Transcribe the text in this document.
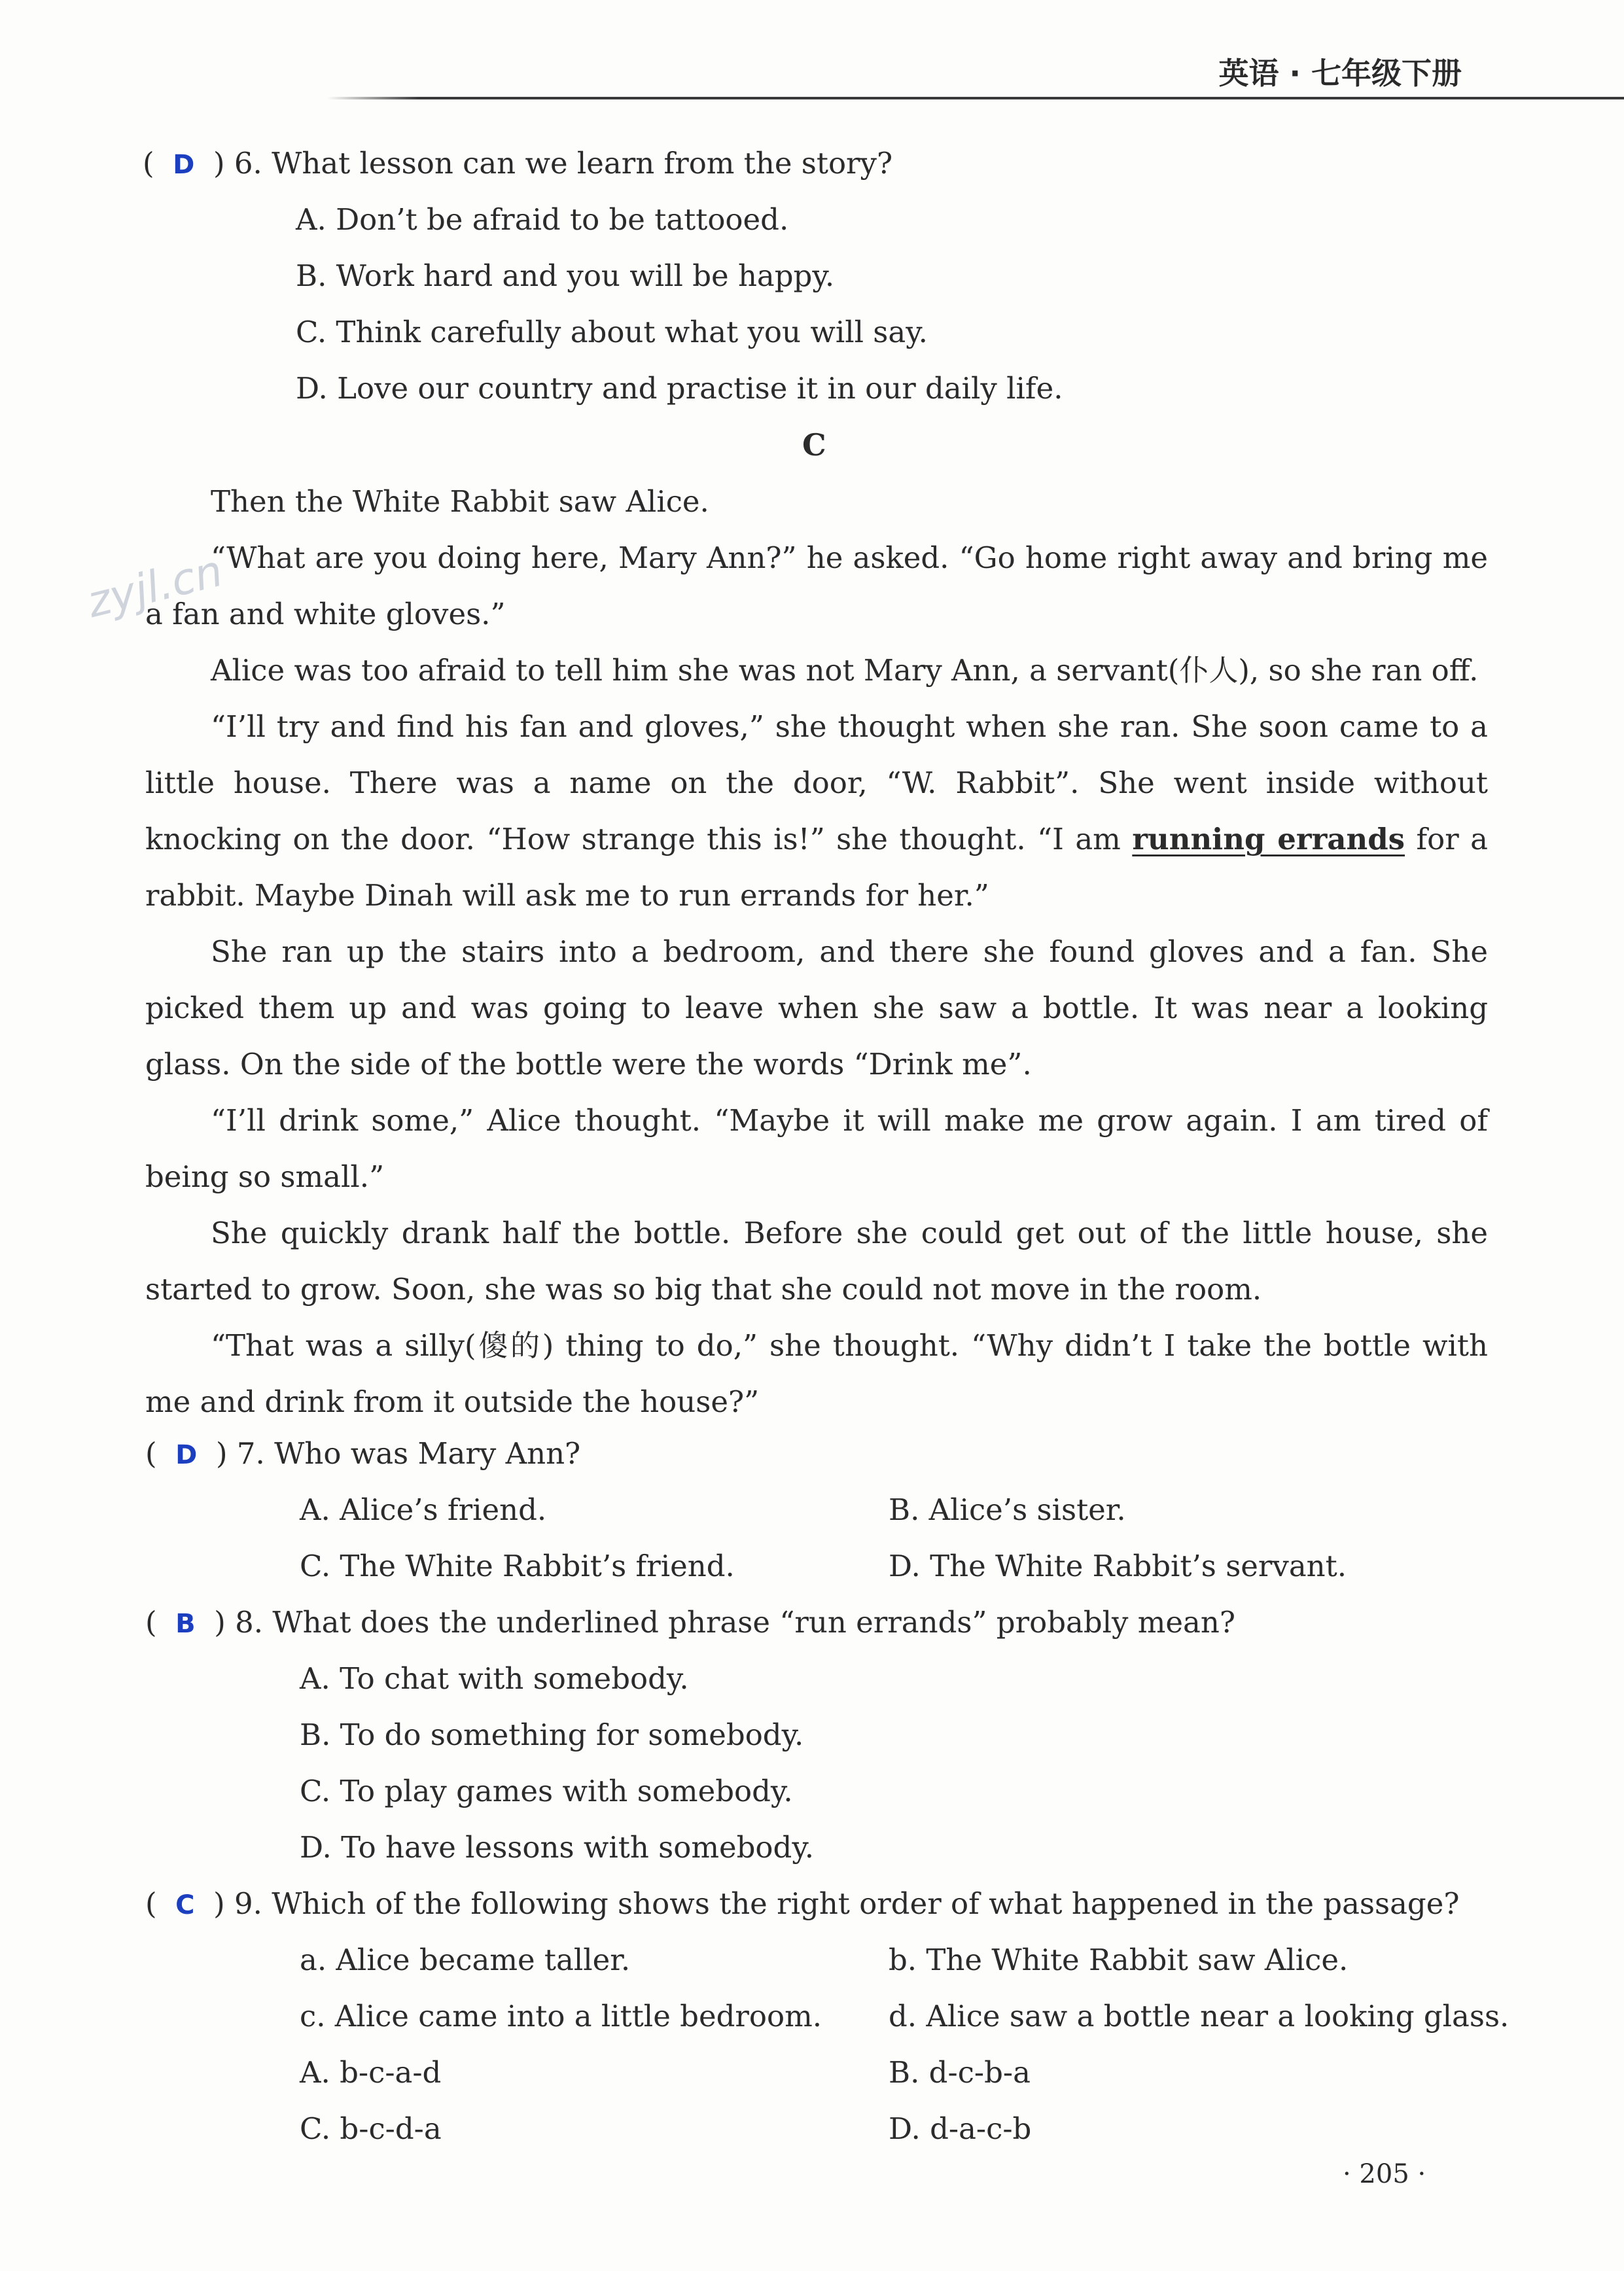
英语 · 七年级下册
zyjl.cn
(  D  ) 6. What lesson can we learn from the story?
A. Don’t be afraid to be tattooed.
B. Work hard and you will be happy.
C. Think carefully about what you will say.
D. Love our country and practise it in our daily life.
C

Then the White Rabbit saw Alice.

“What are you doing here, Mary Ann?” he asked. “Go home right away and bring me a fan and white gloves.”

Alice was too afraid to tell him she was not Mary Ann, a servant(仆人), so she ran off.

“I’ll try and find his fan and gloves,” she thought when she ran. She soon came to a little house. There was a name on the door, “W. Rabbit”. She went inside without knocking on the door. “How strange this is!” she thought. “I am running errands for a rabbit. Maybe Dinah will ask me to run errands for her.”

She ran up the stairs into a bedroom, and there she found gloves and a fan. She picked them up and was going to leave when she saw a bottle. It was near a looking glass. On the side of the bottle were the words “Drink me”.

“I’ll drink some,” Alice thought. “Maybe it will make me grow again. I am tired of being so small.”

She quickly drank half the bottle. Before she could get out of the little house, she started to grow. Soon, she was so big that she could not move in the room.

“That was a silly(傻的) thing to do,” she thought. “Why didn’t I take the bottle with me and drink from it outside the house?”

(  D  ) 7. Who was Mary Ann?
A. Alice’s friend.	B. Alice’s sister.
C. The White Rabbit’s friend.	D. The White Rabbit’s servant.
(  B  ) 8. What does the underlined phrase “run errands” probably mean?
A. To chat with somebody.
B. To do something for somebody.
C. To play games with somebody.
D. To have lessons with somebody.
(  C  ) 9. Which of the following shows the right order of what happened in the passage?
a. Alice became taller.	b. The White Rabbit saw Alice.
c. Alice came into a little bedroom. d. Alice saw a bottle near a looking glass.
A. b-c-a-d	B. d-c-b-a
C. b-c-d-a	D. d-a-c-b
· 205 ·
